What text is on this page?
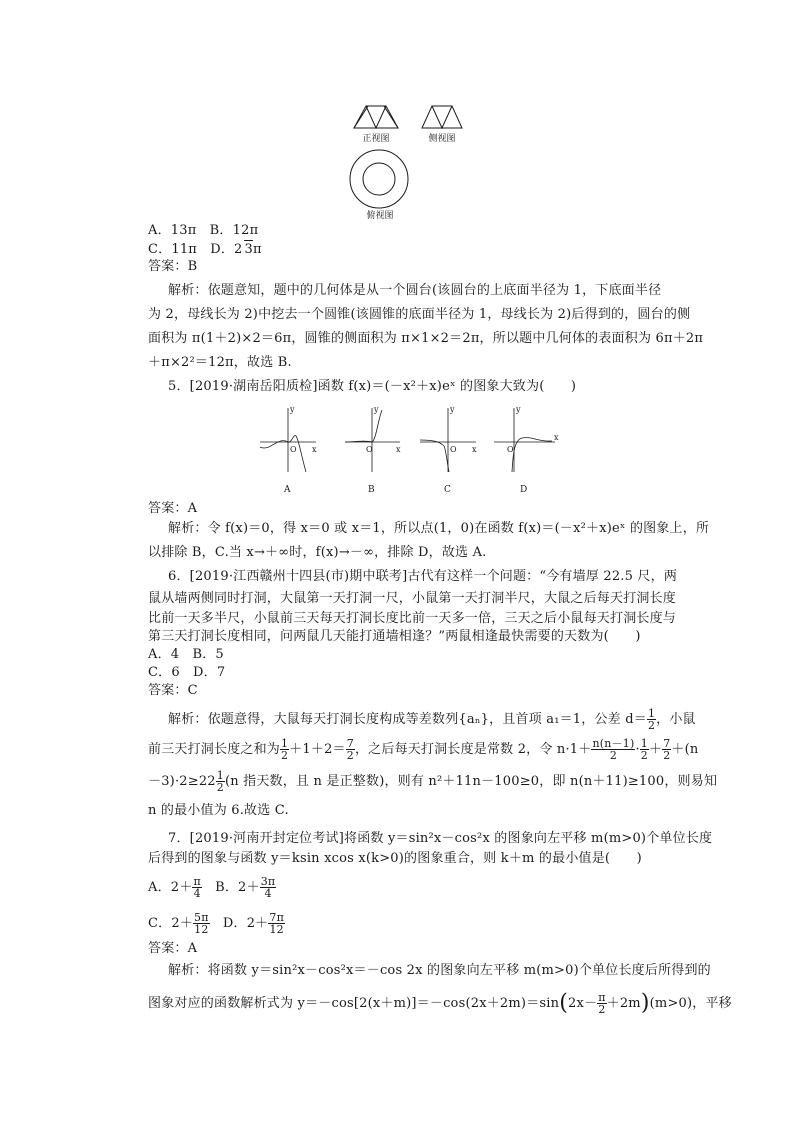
正视图	侧视图
俯视图
A．13π　B．12π
C．11π　D．2 3π
答案：B
解析：依题意知，题中的几何体是从一个圆台(该圆台的上底面半径为 1，下底面半径
为 2，母线长为 2)中挖去一个圆锥(该圆锥的底面半径为 1，母线长为 2)后得到的，圆台的侧
面积为 π(1＋2)×2＝6π，圆锥的侧面积为 π×1×2＝2π，所以题中几何体的表面积为 6π＋2π
＋π×2²＝12π，故选 B.
5．[2019·湖南岳阳质检]函数 f(x)＝(－x²＋x)eˣ 的图象大致为(　　)
y	y	y	y
x	x	x
x
O	O	O	O
A	B	C	D
答案：A
解析：令 f(x)＝0，得 x＝0 或 x＝1，所以点(1，0)在函数 f(x)＝(－x²＋x)eˣ 的图象上，所
以排除 B，C.当 x→＋∞时，f(x)→－∞，排除 D，故选 A.
6．[2019·江西赣州十四县(市)期中联考]古代有这样一个问题：“今有墙厚 22.5 尺，两
鼠从墙两侧同时打洞，大鼠第一天打洞一尺，小鼠第一天打洞半尺，大鼠之后每天打洞长度
比前一天多半尺，小鼠前三天每天打洞长度比前一天多一倍，三天之后小鼠每天打洞长度与
第三天打洞长度相同，问两鼠几天能打通墙相逢？”两鼠相逢最快需要的天数为(　　)
A．4　B．5
C．6　D．7
答案：C
解析：依题意得，大鼠每天打洞长度构成等差数列{aₙ}，且首项 a₁＝1，公差 $d= \frac{1}{2}$ ，小鼠
前三天打洞长度之和为 $\frac{1}{2} +1+2= \frac{7}{2}$ ，之后每天打洞长度是常数 2，令 $n\cdot 1+ \frac{n(n-1)}{2} \cdot \frac{1}{2} + \frac{7}{2} +(n$
$-3)\cdot 2\ge 22 \frac{1}{2} (n$ 指天数，且 n 是正整数)，则有 n²＋11n－100≥0，即 n(n＋11)≥100，则易知
n 的最小值为 6.故选 C.
7．[2019·河南开封定位考试]将函数 y＝sin²x－cos²x 的图象向左平移 m(m>0)个单位长度
后得到的图象与函数 y＝ksin xcos x(k>0)的图象重合，则 k＋m 的最小值是(　　)
A．$2+ \frac{\pi}{4}$ 　B．$2+ \frac{3\pi}{4}$
C．$2+ \frac{5\pi}{12}$ 　D．$2+ \frac{7\pi}{12}$
答案：A
解析：将函数 y＝sin²x－cos²x＝－cos 2x 的图象向左平移 m(m>0)个单位长度后所得到的
图象对应的函数解析式为 $y=-\cos[2(x+m)]=-\cos(2x+2m)=\sin(2x- \frac{\pi}{2} +2m)(m>0)$，平移
